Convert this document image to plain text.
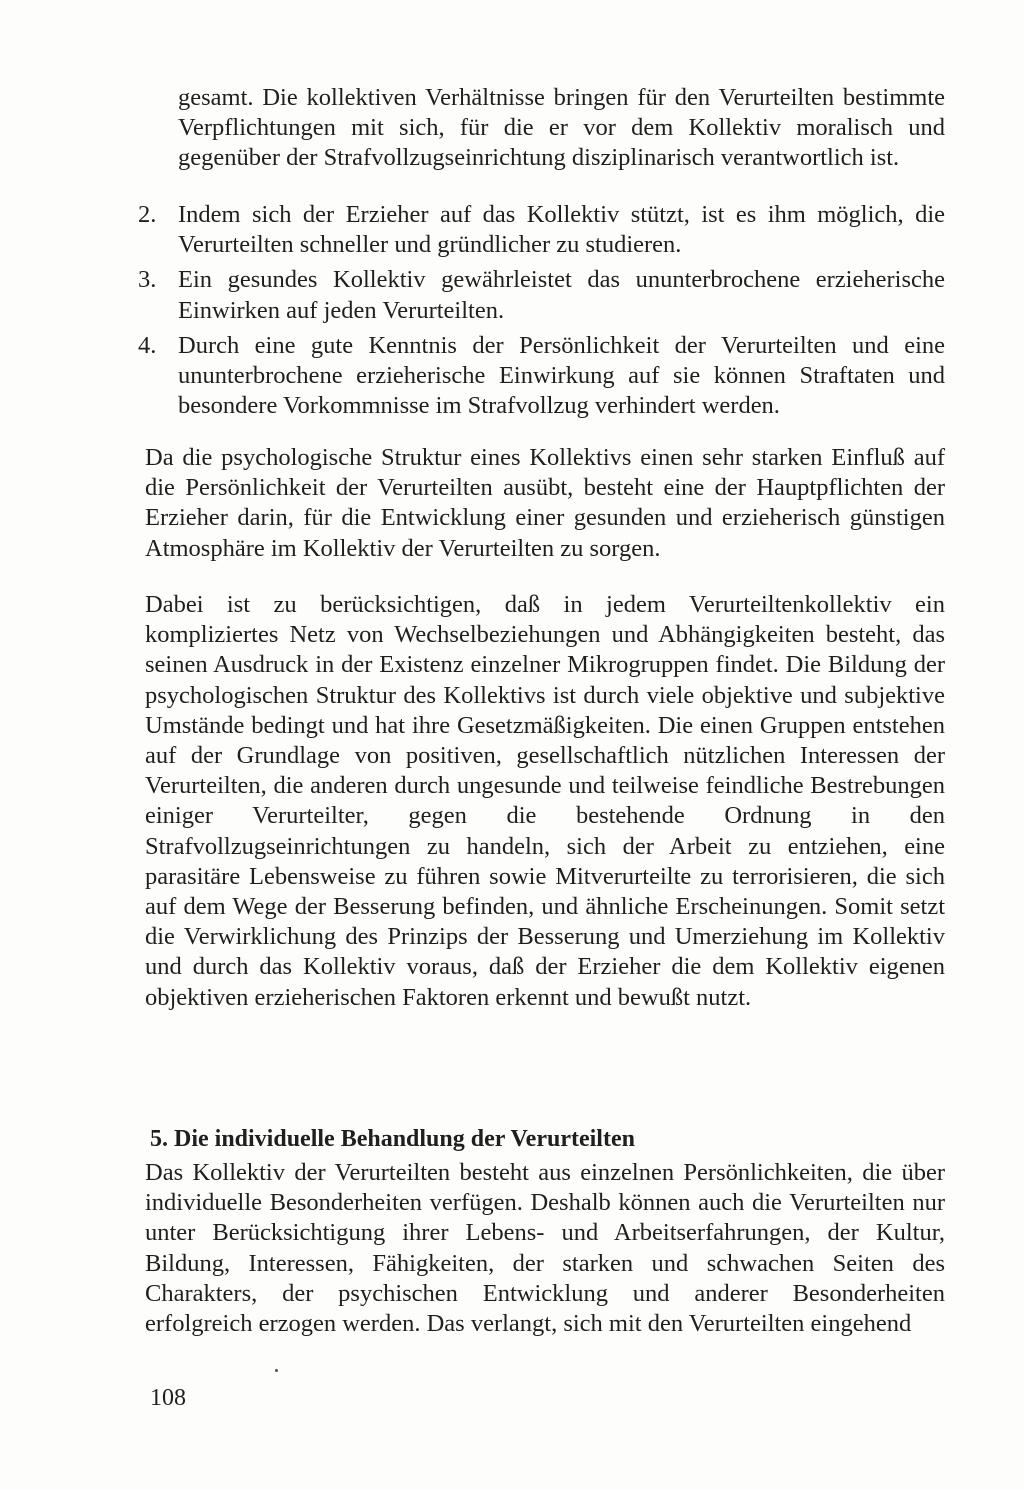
gesamt. Die kollektiven Verhältnisse bringen für den Verurteilten bestimmte Verpflichtungen mit sich, für die er vor dem Kollektiv moralisch und gegenüber der Strafvollzugseinrichtung disziplinarisch verantwortlich ist.

2. Indem sich der Erzieher auf das Kollektiv stützt, ist es ihm möglich, die Verurteilten schneller und gründlicher zu studieren.
3. Ein gesundes Kollektiv gewährleistet das ununterbrochene erzieherische Einwirken auf jeden Verurteilten.
4. Durch eine gute Kenntnis der Persönlichkeit der Verurteilten und eine ununterbrochene erzieherische Einwirkung auf sie können Straftaten und besondere Vorkommnisse im Strafvollzug verhindert werden.

Da die psychologische Struktur eines Kollektivs einen sehr starken Einfluß auf die Persönlichkeit der Verurteilten ausübt, besteht eine der Hauptpflichten der Erzieher darin, für die Entwicklung einer gesunden und erzieherisch günstigen Atmosphäre im Kollektiv der Verurteilten zu sorgen.

Dabei ist zu berücksichtigen, daß in jedem Verurteiltenkollektiv ein kompliziertes Netz von Wechselbeziehungen und Abhängigkeiten besteht, das seinen Ausdruck in der Existenz einzelner Mikrogruppen findet. Die Bildung der psychologischen Struktur des Kollektivs ist durch viele objektive und subjektive Umstände bedingt und hat ihre Gesetzmäßigkeiten. Die einen Gruppen entstehen auf der Grundlage von positiven, gesellschaftlich nützlichen Interessen der Verurteilten, die anderen durch ungesunde und teilweise feindliche Bestrebungen einiger Verurteilter, gegen die bestehende Ordnung in den Strafvollzugseinrichtungen zu handeln, sich der Arbeit zu entziehen, eine parasitäre Lebensweise zu führen sowie Mitverurteilte zu terrorisieren, die sich auf dem Wege der Besserung befinden, und ähnliche Erscheinungen. Somit setzt die Verwirklichung des Prinzips der Besserung und Umerziehung im Kollektiv und durch das Kollektiv voraus, daß der Erzieher die dem Kollektiv eigenen objektiven erzieherischen Faktoren erkennt und bewußt nutzt.

5. Die individuelle Behandlung der Verurteilten

Das Kollektiv der Verurteilten besteht aus einzelnen Persönlichkeiten, die über individuelle Besonderheiten verfügen. Deshalb können auch die Verurteilten nur unter Berücksichtigung ihrer Lebens- und Arbeitserfahrungen, der Kultur, Bildung, Interessen, Fähigkeiten, der starken und schwachen Seiten des Charakters, der psychischen Entwicklung und anderer Besonderheiten erfolgreich erzogen werden. Das verlangt, sich mit den Verurteilten eingehend

108
